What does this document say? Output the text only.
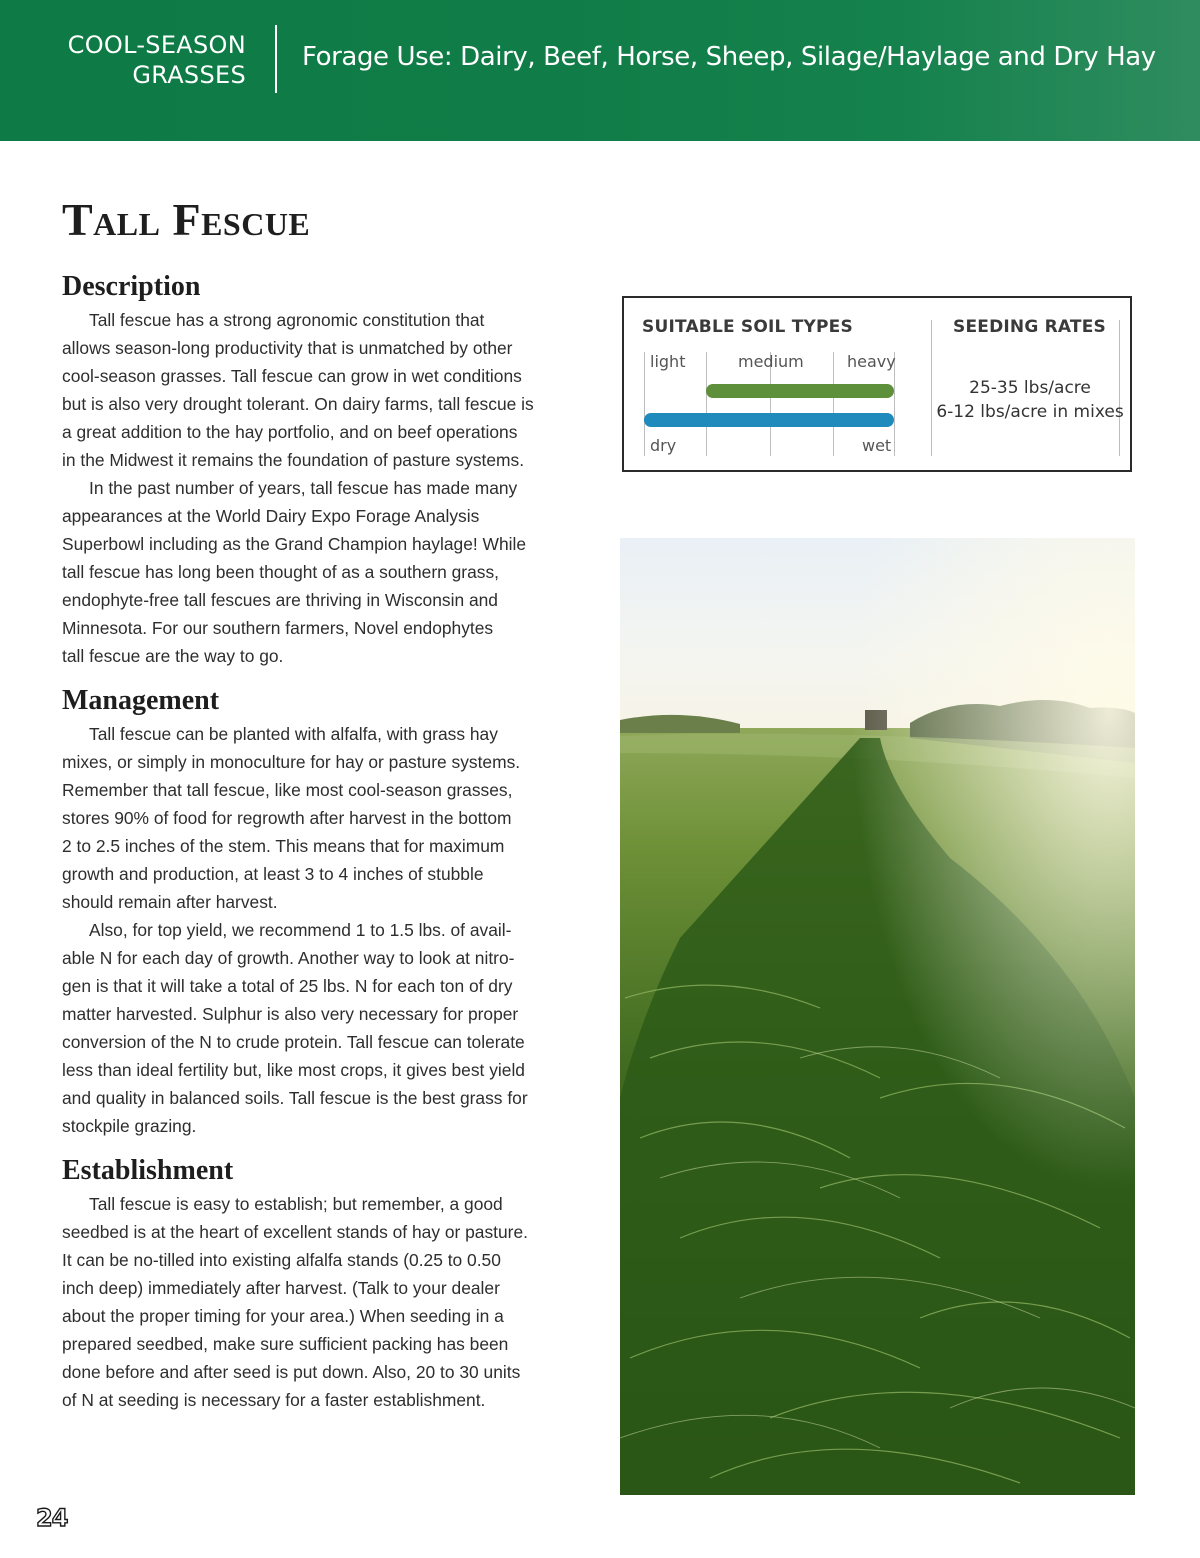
COOL-SEASON
GRASSES
Forage Use: Dairy, Beef, Horse, Sheep, Silage/Haylage and Dry Hay
Tall Fescue
Description

Tall fescue has a strong agronomic constitution that
allows season-long productivity that is unmatched by other
cool-season grasses. Tall fescue can grow in wet conditions
but is also very drought tolerant. On dairy farms, tall fescue is
a great addition to the hay portfolio, and on beef operations
in the Midwest it remains the foundation of pasture systems.

In the past number of years, tall fescue has made many
appearances at the World Dairy Expo Forage Analysis
Superbowl including as the Grand Champion haylage! While
tall fescue has long been thought of as a southern grass,
endophyte-free tall fescues are thriving in Wisconsin and
Minnesota. For our southern farmers, Novel endophytes
tall fescue are the way to go.

Management

Tall fescue can be planted with alfalfa, with grass hay
mixes, or simply in monoculture for hay or pasture systems.
Remember that tall fescue, like most cool-season grasses,
stores 90% of food for regrowth after harvest in the bottom
2 to 2.5 inches of the stem. This means that for maximum
growth and production, at least 3 to 4 inches of stubble
should remain after harvest.

Also, for top yield, we recommend 1 to 1.5 lbs. of avail-
able N for each day of growth. Another way to look at nitro-
gen is that it will take a total of 25 lbs. N for each ton of dry
matter harvested. Sulphur is also very necessary for proper
conversion of the N to crude protein. Tall fescue can tolerate
less than ideal fertility but, like most crops, it gives best yield
and quality in balanced soils. Tall fescue is the best grass for
stockpile grazing.

Establishment

Tall fescue is easy to establish; but remember, a good
seedbed is at the heart of excellent stands of hay or pasture.
It can be no-tilled into existing alfalfa stands (0.25 to 0.50
inch deep) immediately after harvest. (Talk to your dealer
about the proper timing for your area.) When seeding in a
prepared seedbed, make sure sufficient packing has been
done before and after seed is put down. Also, 20 to 30 units
of N at seeding is necessary for a faster establishment.

SUITABLE SOIL TYPES	SEEDING RATES
light	medium	heavy
dry	wet
25-35 lbs/acre
6-12 lbs/acre in mixes
24
